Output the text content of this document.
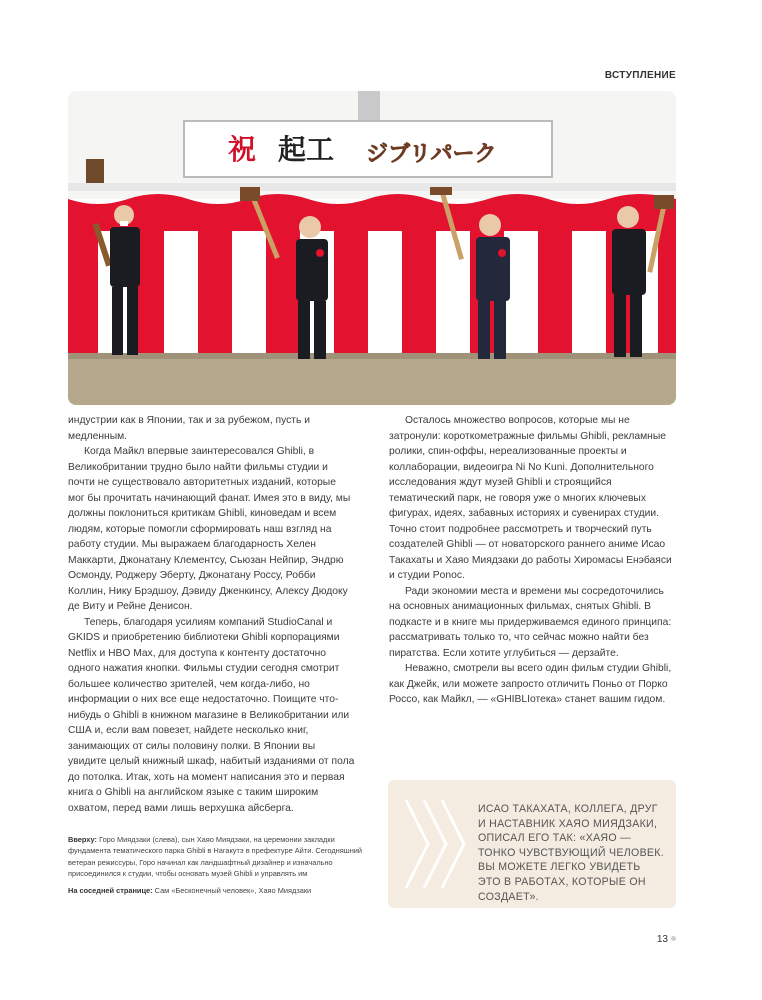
ВСТУПЛЕНИЕ
祝 起工 ジブリパーク

индустрии как в Японии, так и за рубежом, пусть и медленным.

Когда Майкл впервые заинтересовался Ghibli, в Великобритании трудно было найти фильмы студии и почти не существовало авторитетных изданий, которые мог бы прочитать начинающий фанат. Имея это в виду, мы должны поклониться критикам Ghibli, киноведам и всем людям, которые помогли сформировать наш взгляд на работу студии. Мы выражаем благодарность Хелен Маккарти, Джонатану Клементсу, Сьюзан Нейпир, Эндрю Осмонду, Роджеру Эберту, Джонатану Россу, Робби Коллин, Нику Брэдшоу, Дэвиду Дженкинсу, Алексу Дюдоку де Виту и Рейне Денисон.

Теперь, благодаря усилиям компаний StudioCanal и GKIDS и приобретению библиотеки Ghibli корпорациями Netflix и HBO Max, для доступа к контенту достаточно одного нажатия кнопки. Фильмы студии сегодня смотрит большее количество зрителей, чем когда-либо, но информации о них все еще недостаточно. Поищите что-нибудь о Ghibli в книжном магазине в Великобритании или США и, если вам повезет, найдете несколько книг, занимающих от силы половину полки. В Японии вы увидите целый книжный шкаф, набитый изданиями от пола до потолка. Итак, хоть на момент написания это и первая книга о Ghibli на английском языке с таким широким охватом, перед вами лишь верхушка айсберга.

Осталось множество вопросов, которые мы не затронули: короткометражные фильмы Ghibli, рекламные ролики, спин-оффы, нереализованные проекты и коллаборации, видеоигра Ni No Kuni. Дополнительного исследования ждут музей Ghibli и строящийся тематический парк, не говоря уже о многих ключевых фигурах, идеях, забавных историях и сувенирах студии. Точно стоит подробнее рассмотреть и творческий путь создателей Ghibli — от новаторского раннего аниме Исао Такахаты и Хаяо Миядзаки до работы Хиромасы Енэбаяси и студии Ponoc.

Ради экономии места и времени мы сосредоточились на основных анимационных фильмах, снятых Ghibli. В подкасте и в книге мы придерживаемся единого принципа: рассматривать только то, что сейчас можно найти без пиратства. Если хотите углубиться — дерзайте.

Неважно, смотрели вы всего один фильм студии Ghibli, как Джейк, или можете запросто отличить Поньо от Порко Россо, как Майкл, — «GHIBLIотека» станет вашим гидом.

Вверху: Горо Миядзаки (слева), сын Хаяо Миядзаки, на церемонии закладки фундамента тематического парка Ghibli в Нагакутэ в префектуре Айти. Сегодняшний ветеран режиссуры, Горо начинал как ландшафтный дизайнер и изначально присоединился к студии, чтобы основать музей Ghibli и управлять им

На соседней странице: Сам «Бесконечный человек», Хаяо Миядзаки

ИСАО ТАКАХАТА, КОЛЛЕГА, ДРУГ И НАСТАВНИК ХАЯО МИЯДЗАКИ, ОПИСАЛ ЕГО ТАК: «ХАЯО — ТОНКО ЧУВСТВУЮЩИЙ ЧЕЛОВЕК. ВЫ МОЖЕТЕ ЛЕГКО УВИДЕТЬ ЭТО В РАБОТАХ, КОТОРЫЕ ОН СОЗДАЕТ».
13
